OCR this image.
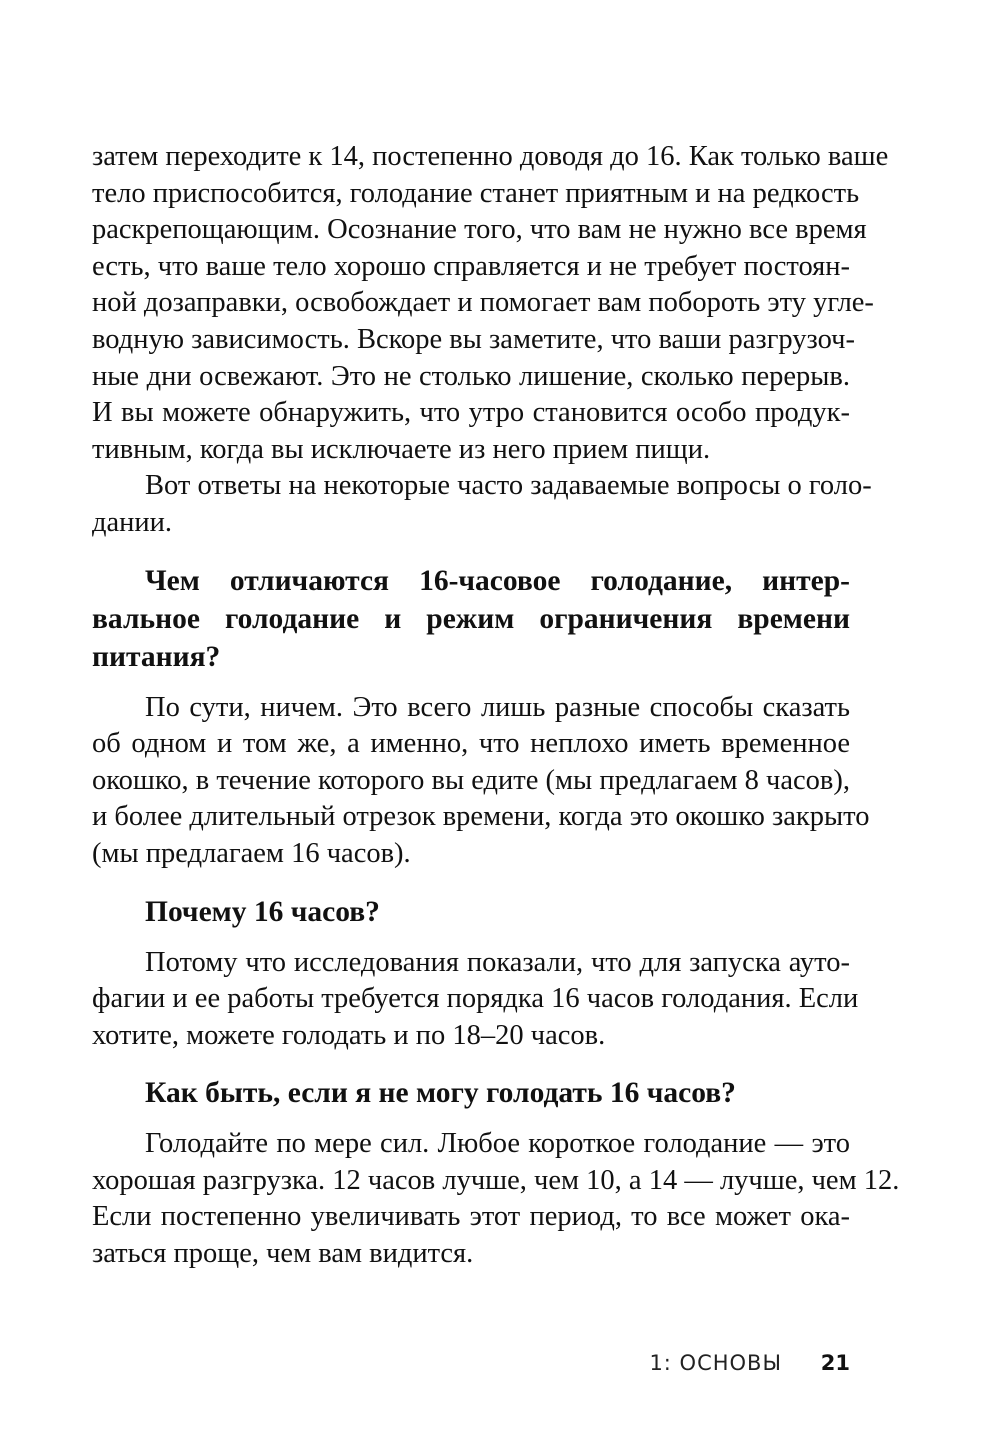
затем переходите к 14, постепенно доводя до 16. Как только ваше
тело приспособится, голодание станет приятным и на редкость
раскрепощающим. Осознание того, что вам не нужно все время
есть, что ваше тело хорошо справляется и не требует постоян-
ной дозаправки, освобождает и помогает вам побороть эту угле-
водную зависимость. Вскоре вы заметите, что ваши разгрузоч-
ные дни освежают. Это не столько лишение, сколько перерыв.
И вы можете обнаружить, что утро становится особо продук-
тивным, когда вы исключаете из него прием пищи.

Вот ответы на некоторые часто задаваемые вопросы о голо-
дании.

Чем отличаются 16-часовое голодание, интер-
вальное голодание и режим ограничения времени
питания?

По сути, ничем. Это всего лишь разные способы сказать
об одном и том же, а именно, что неплохо иметь временное
окошко, в течение которого вы едите (мы предлагаем 8 часов),
и более длительный отрезок времени, когда это окошко закрыто
(мы предлагаем 16 часов).

Почему 16 часов?

Потому что исследования показали, что для запуска ауто-
фагии и ее работы требуется порядка 16 часов голодания. Если
хотите, можете голодать и по 18–20 часов.

Как быть, если я не могу голодать 16 часов?

Голодайте по мере сил. Любое короткое голодание — это
хорошая разгрузка. 12 часов лучше, чем 10, а 14 — лучше, чем 12.
Если постепенно увеличивать этот период, то все может ока-
заться проще, чем вам видится.

1: ОСНОВЫ 21
